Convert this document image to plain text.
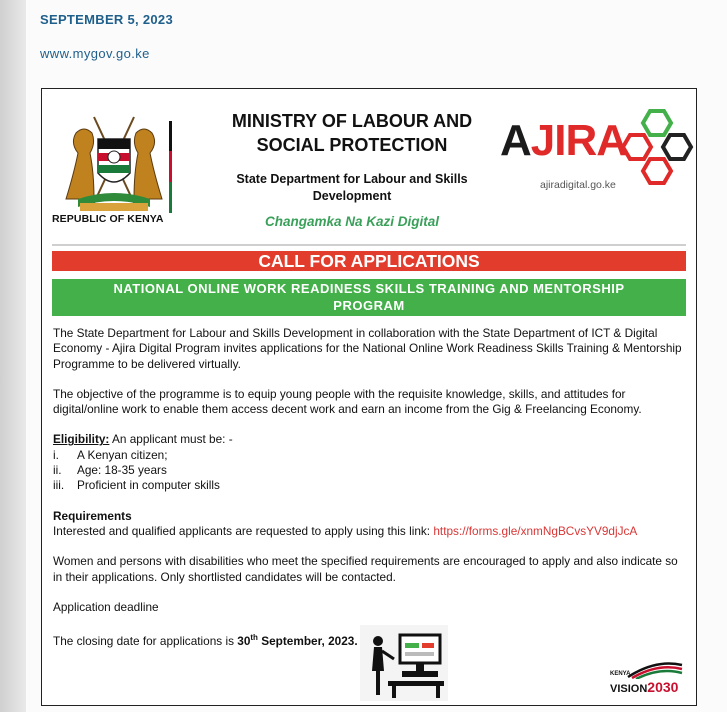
SEPTEMBER 5, 2023
www.mygov.go.ke
REPUBLIC OF KENYA
MINISTRY OF LABOUR AND
SOCIAL PROTECTION
State Department for Labour and Skills
Development
Changamka Na Kazi Digital
AJIRA
ajiradigital.go.ke
CALL FOR APPLICATIONS
NATIONAL ONLINE WORK READINESS SKILLS TRAINING AND MENTORSHIP
PROGRAM

The State Department for Labour and Skills Development in collaboration with the State Department of ICT & Digital Economy - Ajira Digital Program invites applications for the National Online Work Readiness Skills Training & Mentorship Programme to be delivered virtually.

The objective of the programme is to equip young people with the requisite knowledge, skills, and attitudes for digital/online work to enable them access decent work and earn an income from the Gig & Freelancing Economy.

Eligibility: An applicant must be: -

i.	A Kenyan citizen;
ii.	Age: 18-35 years
iii.	Proficient in computer skills

Requirements

Interested and qualified applicants are requested to apply using this link: https://forms.gle/xnmNgBCvsYV9djJcA

Women and persons with disabilities who meet the specified requirements are encouraged to apply and also indicate so in their applications. Only shortlisted candidates will be contacted.

Application deadline

The closing date for applications is 30th September, 2023.

KENYA
VISION2030
